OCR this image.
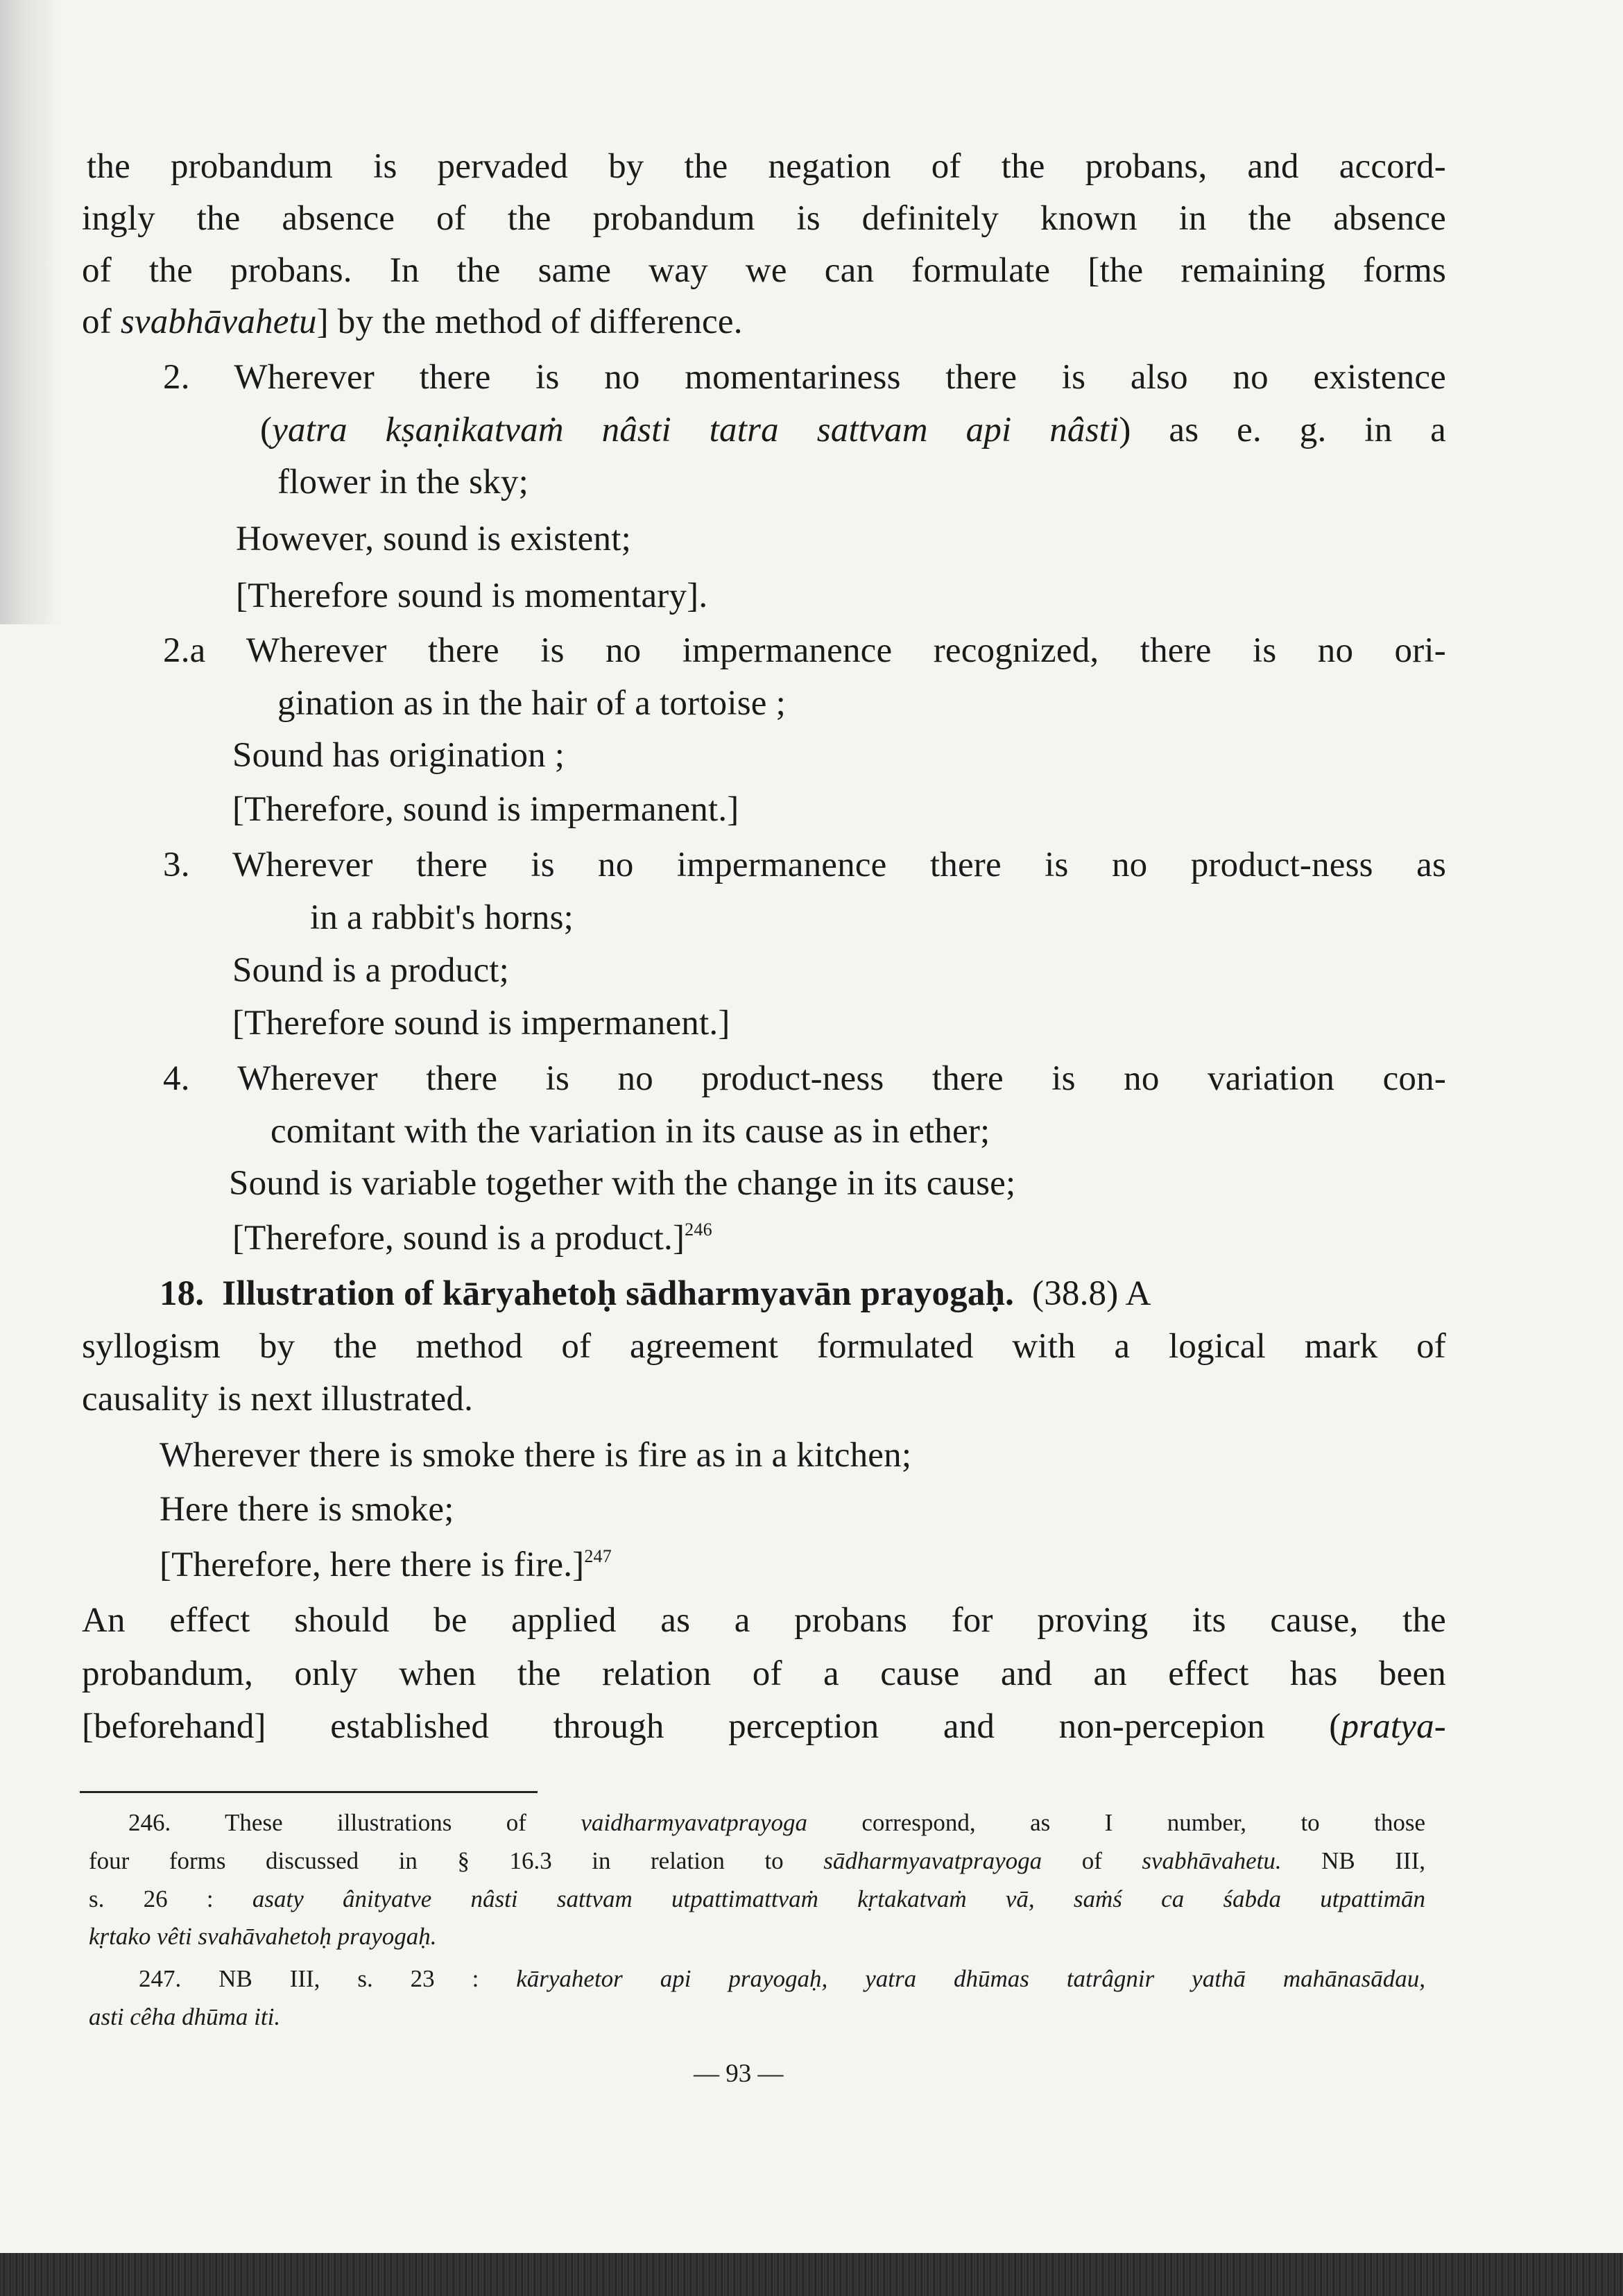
the probandum is pervaded by the negation of the probans, and accord-
ingly the absence of the probandum is definitely known in the absence
of the probans. In the same way we can formulate [the remaining forms
of svabhāvahetu] by the method of difference.
2. Wherever there is no momentariness there is also no existence
(yatra kṣaṇikatvaṁ nâsti tatra sattvam api nâsti) as e. g. in a
flower in the sky;
However, sound is existent;
[Therefore sound is momentary].
2.a Wherever there is no impermanence recognized, there is no ori-
gination as in the hair of a tortoise ;
Sound has origination ;
[Therefore, sound is impermanent.]
3. Wherever there is no impermanence there is no product-ness as
in a rabbit's horns;
Sound is a product;
[Therefore sound is impermanent.]
4. Wherever there is no product-ness there is no variation con-
comitant with the variation in its cause as in ether;
Sound is variable together with the change in its cause;
[Therefore, sound is a product.]$^{246}$
18. Illustration of kāryahetoḥ sādharmyavān prayogaḥ. (38.8) A
syllogism by the method of agreement formulated with a logical mark of
causality is next illustrated.
Wherever there is smoke there is fire as in a kitchen;
Here there is smoke;
[Therefore, here there is fire.]$^{247}$
An effect should be applied as a probans for proving its cause, the
probandum, only when the relation of a cause and an effect has been
[beforehand] established through perception and non-percepion (pratya-
246. These illustrations of vaidharmyavatprayoga correspond, as I number, to those
four forms discussed in § 16.3 in relation to sādharmyavatprayoga of svabhāvahetu. NB III,
s. 26 : asaty ânityatve nâsti sattvam utpattimattvaṁ kṛtakatvaṁ vā, saṁś ca śabda utpattimān
kṛtako vêti svahāvahetoḥ prayogaḥ.
247. NB III, s. 23 : kāryahetor api prayogaḥ, yatra dhūmas tatrâgnir yathā mahānasādau,
asti cêha dhūma iti.
— 93 —
